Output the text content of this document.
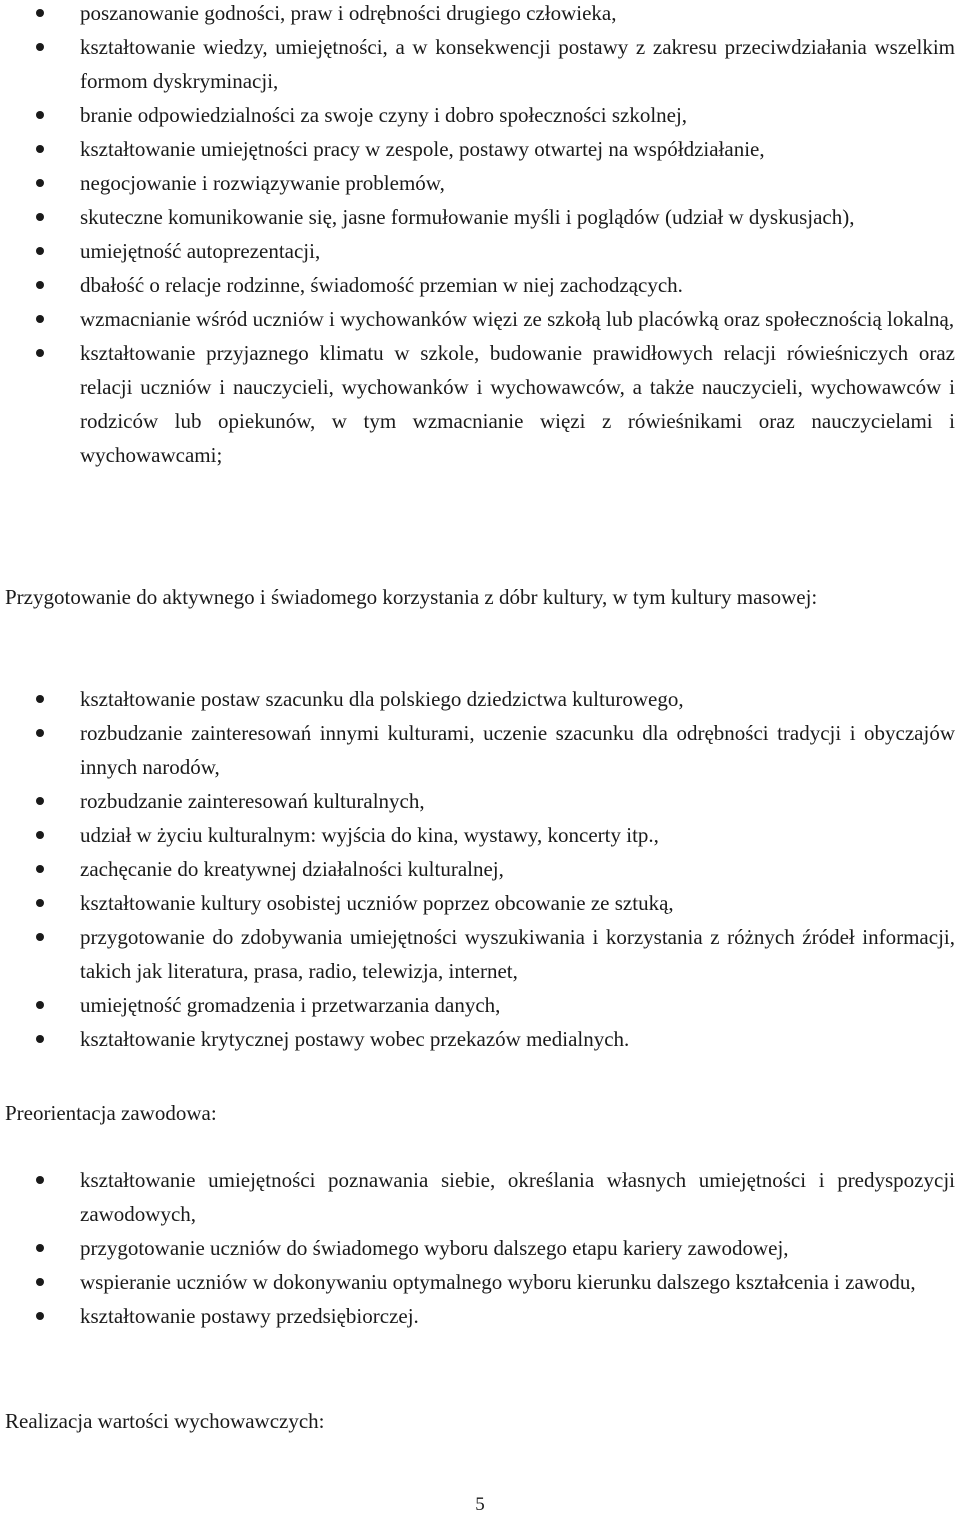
poszanowanie godności, praw i odrębności drugiego człowieka,
kształtowanie wiedzy, umiejętności, a w konsekwencji postawy z zakresu przeciwdziałania wszelkim formom dyskryminacji,
branie odpowiedzialności za swoje czyny i dobro społeczności szkolnej,
kształtowanie umiejętności pracy w zespole, postawy otwartej na współdziałanie,
negocjowanie i rozwiązywanie problemów,
skuteczne komunikowanie się, jasne formułowanie myśli i poglądów (udział w dyskusjach),
umiejętność autoprezentacji,
dbałość o relacje rodzinne, świadomość przemian w niej zachodzących.
wzmacnianie wśród uczniów i wychowanków więzi ze szkołą lub placówką oraz społecznością lokalną,
kształtowanie przyjaznego klimatu w szkole, budowanie prawidłowych relacji rówieśniczych oraz relacji uczniów i nauczycieli, wychowanków i wychowawców, a także nauczycieli, wychowawców i rodziców lub opiekunów, w tym wzmacnianie więzi z rówieśnikami oraz nauczycielami i wychowawcami;

Przygotowanie do aktywnego i świadomego korzystania z dóbr kultury, w tym kultury masowej:

kształtowanie postaw szacunku dla polskiego dziedzictwa kulturowego,
rozbudzanie zainteresowań innymi kulturami, uczenie szacunku dla odrębności tradycji i obyczajów innych narodów,
rozbudzanie zainteresowań kulturalnych,
udział w życiu kulturalnym: wyjścia do kina, wystawy, koncerty itp.,
zachęcanie do kreatywnej działalności kulturalnej,
kształtowanie kultury osobistej uczniów poprzez obcowanie ze sztuką,
przygotowanie do zdobywania umiejętności wyszukiwania i korzystania z różnych źródeł informacji, takich jak literatura, prasa, radio, telewizja, internet,
umiejętność gromadzenia i przetwarzania danych,
kształtowanie krytycznej postawy wobec przekazów medialnych.

Preorientacja zawodowa:

kształtowanie umiejętności poznawania siebie, określania własnych umiejętności i predyspozycji zawodowych,
przygotowanie uczniów do świadomego wyboru dalszego etapu kariery zawodowej,
wspieranie uczniów w dokonywaniu optymalnego wyboru kierunku dalszego kształcenia i zawodu,
kształtowanie postawy przedsiębiorczej.

Realizacja wartości wychowawczych:

5
